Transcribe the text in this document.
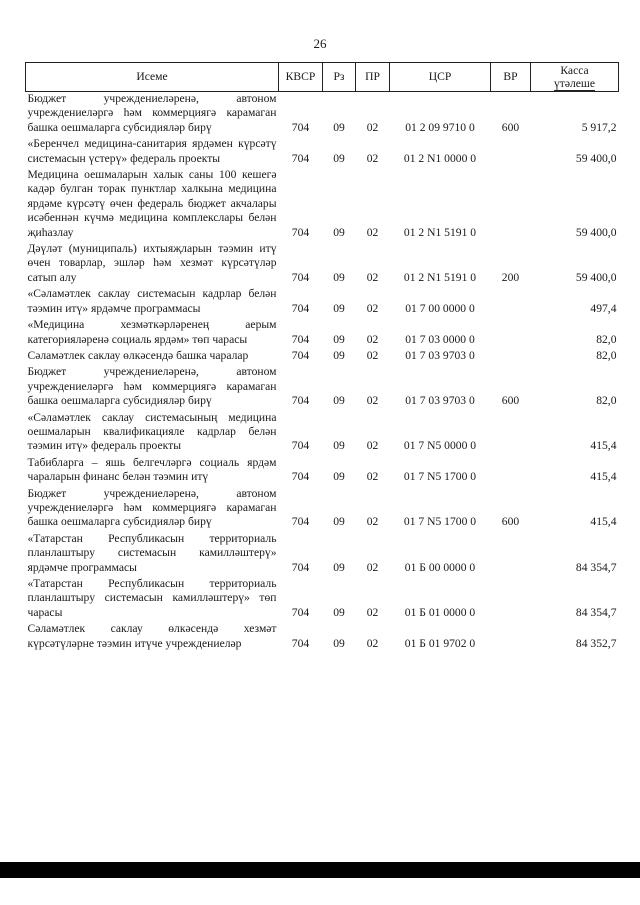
26
Исеме	КВСР	Рз	ПР	ЦСР	ВР	Касса
үтәлеше
Бюджет учреждениеләренә, автоном учреждениеләргә һәм коммерциягә карамаган башка оешмаларга субсидияләр бирү	704	09	02	01 2 09 9710 0	600	5 917,2
«Беренчел медицина-санитария ярдәмен күрсәтү системасын үстерү» федераль проекты	704	09	02	01 2 N1 0000 0		59 400,0
Медицина оешмаларын халык саны 100 кешегә кадәр булган торак пунктлар халкына медицина ярдәме күрсәтү өчен федераль бюджет акчалары исәбеннән күчмә медицина комплекслары белән җиһазлау	704	09	02	01 2 N1 5191 0		59 400,0
Дәүләт (муниципаль) ихтыяҗларын тәэмин итү өчен товарлар, эшләр һәм хезмәт күрсәтүләр сатып алу	704	09	02	01 2 N1 5191 0	200	59 400,0
«Сәламәтлек саклау системасын кадрлар белән тәэмин итү» ярдәмче программасы	704	09	02	01 7 00 0000 0		497,4
«Медицина хезмәткәрләренең аерым категорияләренә социаль ярдәм» төп чарасы	704	09	02	01 7 03 0000 0		82,0
Сәламәтлек саклау өлкәсендә башка чаралар	704	09	02	01 7 03 9703 0		82,0
Бюджет учреждениеләренә, автоном учреждениеләргә һәм коммерциягә карамаган башка оешмаларга субсидияләр бирү	704	09	02	01 7 03 9703 0	600	82,0
«Сәламәтлек саклау системасының медицина оешмаларын квалификацияле кадрлар белән тәэмин итү» федераль проекты	704	09	02	01 7 N5 0000 0		415,4
Табибларга – яшь белгечләргә социаль ярдәм чараларын финанс белән тәэмин итү	704	09	02	01 7 N5 1700 0		415,4
Бюджет учреждениеләренә, автоном учреждениеләргә һәм коммерциягә карамаган башка оешмаларга субсидияләр бирү	704	09	02	01 7 N5 1700 0	600	415,4
«Татарстан Республикасын территориаль планлаштыру системасын камилләштерү» ярдәмче программасы	704	09	02	01 Б 00 0000 0		84 354,7
«Татарстан Республикасын территориаль планлаштыру системасын камилләштерү» төп чарасы	704	09	02	01 Б 01 0000 0		84 354,7
Сәламәтлек саклау өлкәсендә хезмәт күрсәтүләрне тәэмин итүче учреждениеләр	704	09	02	01 Б 01 9702 0		84 352,7
